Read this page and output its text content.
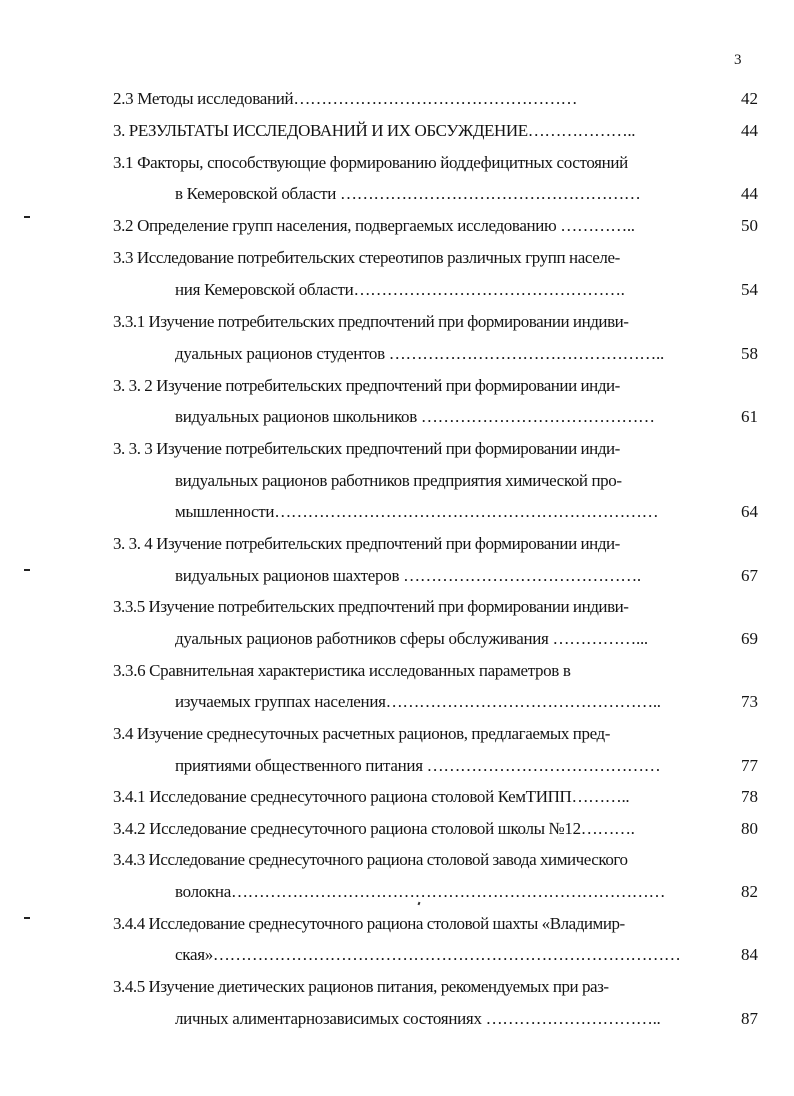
3
2.3 Методы исследований……………………………………………	42
3. РЕЗУЛЬТАТЫ ИССЛЕДОВАНИЙ И ИХ ОБСУЖДЕНИЕ………………..	44
3.1 Факторы, способствующие формированию йоддефицитных состояний
в Кемеровской области ………………………………………………	44
3.2 Определение групп населения, подвергаемых исследованию …………..	50
3.3 Исследование потребительских стереотипов различных групп населе-
ния Кемеровской области………………………………………….	54
3.3.1 Изучение потребительских предпочтений при формировании индиви-
дуальных рационов студентов …………………………………………..	58
3. 3. 2 Изучение потребительских предпочтений при формировании инди-
видуальных рационов школьников ……………………………………	61
3. 3. 3 Изучение потребительских предпочтений при формировании инди-
видуальных рационов работников предприятия химической про-
мышленности……………………………………………………………	64
3. 3. 4 Изучение потребительских предпочтений при формировании инди-
видуальных рационов шахтеров …………………………………….	67
3.3.5 Изучение потребительских предпочтений при формировании индиви-
дуальных рационов работников сферы обслуживания ……………...	69
3.3.6 Сравнительная характеристика исследованных параметров в
изучаемых группах населения…………………………………………..	73
3.4 Изучение среднесуточных расчетных рационов, предлагаемых пред-
приятиями общественного питания ……………………………………	77
3.4.1 Исследование среднесуточного рациона столовой КемТИПП………..	78
3.4.2 Исследование среднесуточного рациона столовой школы №12……….	80
3.4.3 Исследование среднесуточного рациона столовой завода химического
волокна……………………………………………………………………	82
3.4.4 Исследование среднесуточного рациона столовой шахты «Владимир-
ская»…………………………………………………………………………	84
3.4.5 Изучение диетических рационов питания, рекомендуемых при раз-
личных алиментарнозависимых состояниях …………………………..	87
